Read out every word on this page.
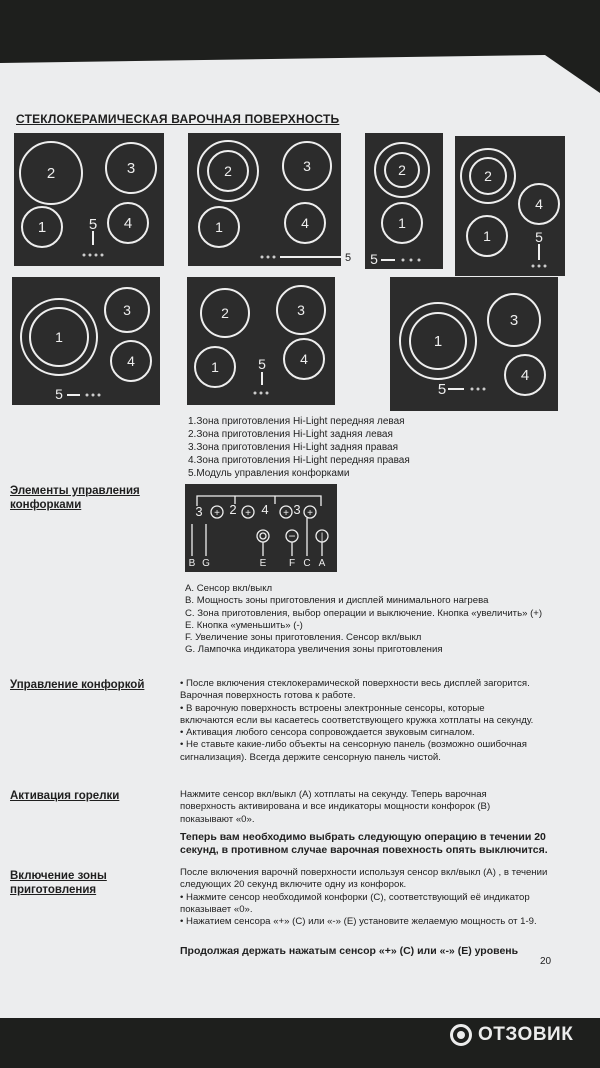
СТЕКЛОКЕРАМИЧЕСКАЯ ВАРОЧНАЯ ПОВЕРХНОСТЬ
2	3
1	4
5
2	3
1	4
5
2
1
5
2
4
1	5
1
3
4
5
2	3
1	4
5
1
3
4
5
1.Зона приготовления Hi-Light передняя левая
2.Зона приготовления Hi-Light задняя левая
3.Зона приготовления Hi-Light задняя правая
4.Зона приготовления Hi-Light передняя правая
5.Модуль управления конфорками
Элементы управления конфорками	3 2 4 3
+	+	+ +
−	|
B G	E F C A
A. Сенсор вкл/выкл
B. Мощность зоны приготовления и дисплей минимального нагрева
C. Зона приготовления, выбор операции и выключение. Кнопка «увеличить» (+)
E. Кнопка «уменьшить» (-)
F. Увеличение зоны приготовления. Сенсор вкл/выкл
G. Лампочка индикатора увеличения зоны приготовления
Управление конфоркой	• После включения стеклокерамической поверхности весь дисплей загорится. Варочная поверхность готова к работе.
• В варочную поверхность встроены электронные сенсоры, которые включаются если вы касаетесь соответствующего кружка хотплаты на секунду.
• Активация любого сенсора сопровождается звуковым сигналом.
• Не ставьте какие-либо объекты на сенсорную панель (возможно ошибочная сигнализация). Всегда держите сенсорную панель чистой.
Активация горелки	Нажмите сенсор вкл/выкл (А) хотплаты на секунду. Теперь варочная поверхность активирована и все индикаторы мощности конфорок (В) показывают «0».
Теперь вам необходимо выбрать следующую операцию в течении 20 секунд, в противном случае варочная повехность опять выключится.
Включение зоны приготовления
После включения варочнй поверхности используя сенсор вкл/выкл (А) , в течении следующих 20 секунд включите одну из конфорок.
• Нажмите сенсор необходимой конфорки (С), соответствующий её индикатор показывает «0».
• Нажатием сенсора «+» (С) или «-» (Е) установите желаемую мощность от 1-9.
Продолжая держать нажатым сенсор «+» (С) или «-» (Е) уровень
20
ОТЗОВИК
